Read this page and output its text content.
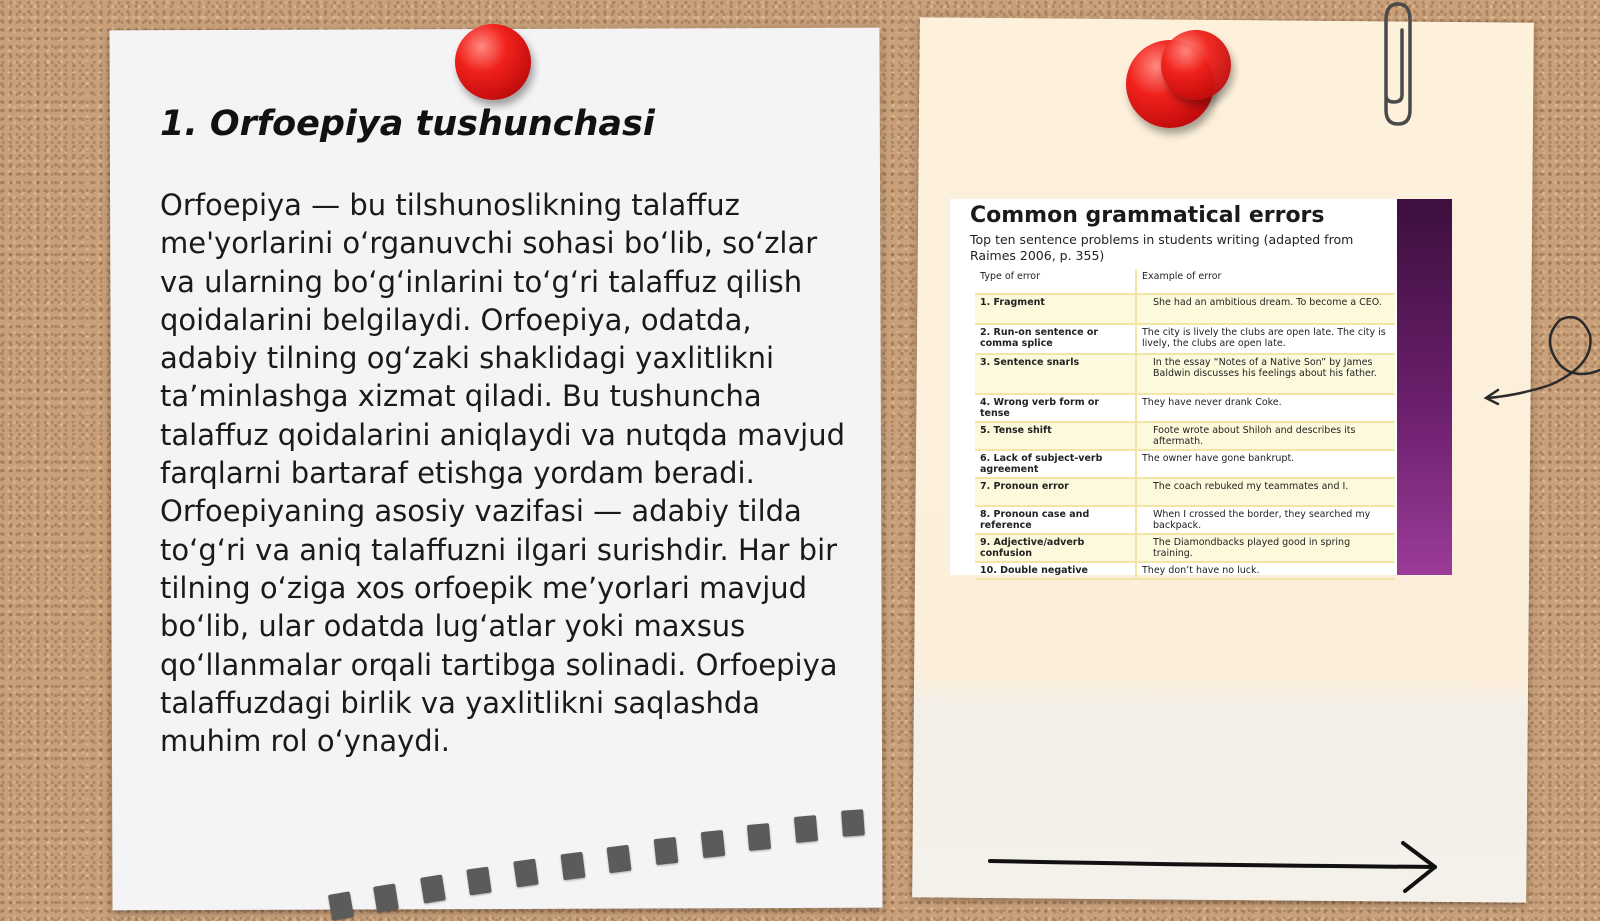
1. Orfoepiya tushunchasi

Orfoepiya — bu tilshunoslikning talaffuz me'yorlarini o‘rganuvchi sohasi bo‘lib, so‘zlar va ularning bo‘g‘inlarini to‘g‘ri talaffuz qilish qoidalarini belgilaydi. Orfoepiya, odatda, adabiy tilning og‘zaki shaklidagi yaxlitlikni ta’minlashga xizmat qiladi. Bu tushuncha talaffuz qoidalarini aniqlaydi va nutqda mavjud farqlarni bartaraf etishga yordam beradi. Orfoepiyaning asosiy vazifasi — adabiy tilda to‘g‘ri va aniq talaffuzni ilgari surishdir. Har bir tilning o‘ziga xos orfoepik me’yorlari mavjud bo‘lib, ular odatda lug‘atlar yoki maxsus qo‘llanmalar orqali tartibga solinadi. Orfoepiya talaffuzdagi birlik va yaxlitlikni saqlashda muhim rol o‘ynaydi.

Common grammatical errors
Top ten sentence problems in students writing (adapted from Raimes 2006, p. 355)
Type of error	Example of error
1. Fragment	She had an ambitious dream. To become a CEO.
2. Run-on sentence or comma splice	The city is lively the clubs are open late. The city is lively, the clubs are open late.
3. Sentence snarls	In the essay “Notes of a Native Son” by James Baldwin discusses his feelings about his father.
4. Wrong verb form or tense	They have never drank Coke.
5. Tense shift	Foote wrote about Shiloh and describes its aftermath.
6. Lack of subject-verb agreement	The owner have gone bankrupt.
7. Pronoun error	The coach rebuked my teammates and I.
8. Pronoun case and reference	When I crossed the border, they searched my backpack.
9. Adjective/adverb confusion	The Diamondbacks played good in spring training.
10. Double negative	They don’t have no luck.
